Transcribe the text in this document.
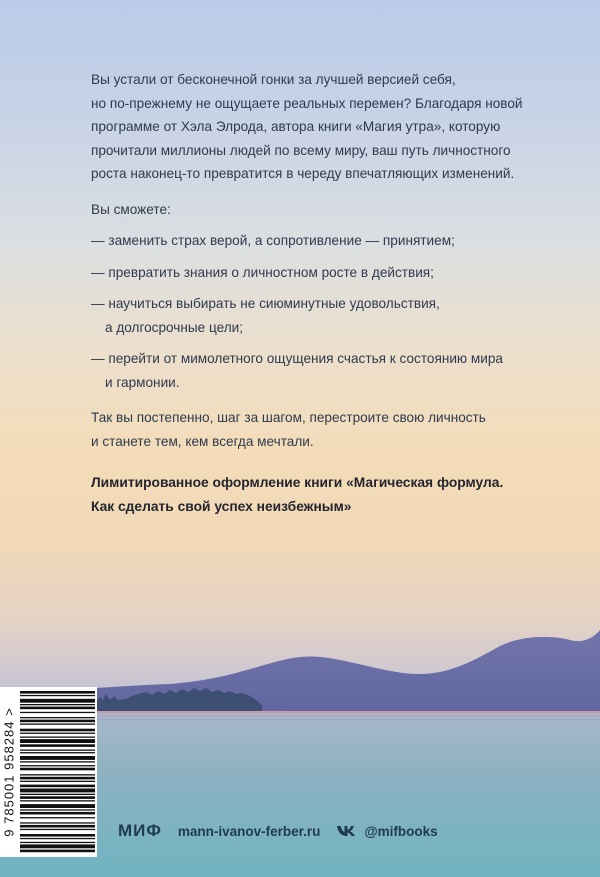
Вы устали от бесконечной гонки за лучшей версией себя,
но по-прежнему не ощущаете реальных перемен? Благодаря новой
программе от Хэла Элрода, автора книги «Магия утра», которую
прочитали миллионы людей по всему миру, ваш путь личностного
роста наконец-то превратится в череду впечатляющих изменений.

Вы сможете:

— заменить страх верой, а сопротивление — принятием;
— превратить знания о личностном росте в действия;
— научиться выбирать не сиюминутные удовольствия,
а долгосрочные цели;
— перейти от мимолетного ощущения счастья к состоянию мира
и гармонии.

Так вы постепенно, шаг за шагом, перестроите свою личность
и станете тем, кем всегда мечтали.

Лимитированное оформление книги «Магическая формула.
Как сделать свой успех неизбежным»

9 785001 958284 >	МИФ mann-ivanov-ferber.ru	@mifbooks
